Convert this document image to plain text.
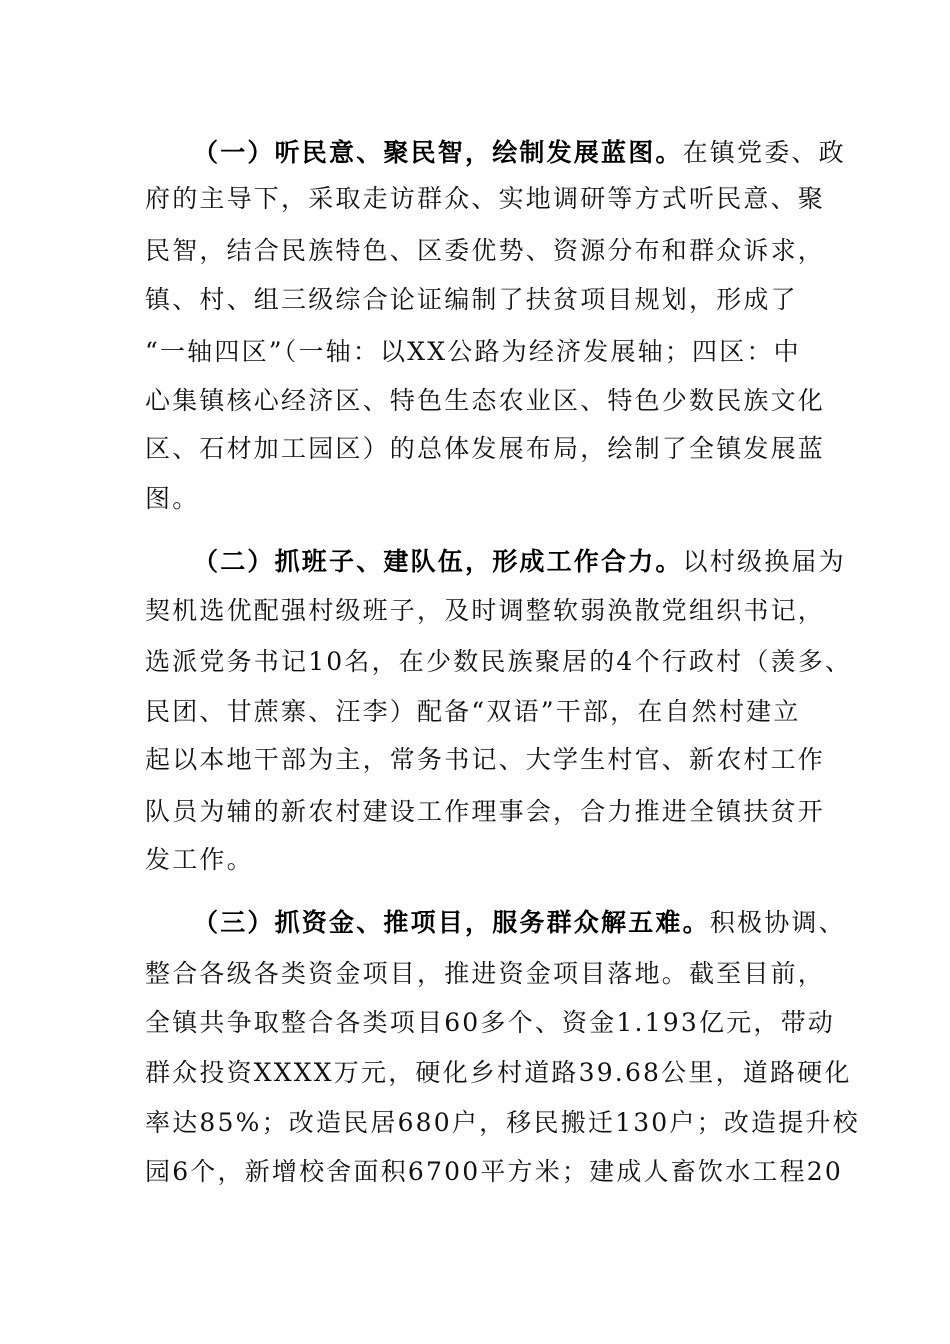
（一）听民意、聚民智，绘制发展蓝图。在镇党委、政
府的主导下，采取走访群众、实地调研等方式听民意、聚
民智，结合民族特色、区委优势、资源分布和群众诉求，
镇、村、组三级综合论证编制了扶贫项目规划，形成了
“一轴四区”（一轴：以XX公路为经济发展轴；四区：中
心集镇核心经济区、特色生态农业区、特色少数民族文化
区、石材加工园区）的总体发展布局，绘制了全镇发展蓝
图。
（二）抓班子、建队伍，形成工作合力。以村级换届为
契机选优配强村级班子，及时调整软弱涣散党组织书记，
选派党务书记10名，在少数民族聚居的4个行政村（羡多、
民团、甘蔗寨、汪李）配备“双语”干部，在自然村建立
起以本地干部为主，常务书记、大学生村官、新农村工作
队员为辅的新农村建设工作理事会，合力推进全镇扶贫开
发工作。
（三）抓资金、推项目，服务群众解五难。积极协调、
整合各级各类资金项目，推进资金项目落地。截至目前，
全镇共争取整合各类项目60多个、资金1.193亿元，带动
群众投资XXXX万元，硬化乡村道路39.68公里，道路硬化
率达85%；改造民居680户，移民搬迁130户；改造提升校
园6个，新增校舍面积6700平方米；建成人畜饮水工程20
